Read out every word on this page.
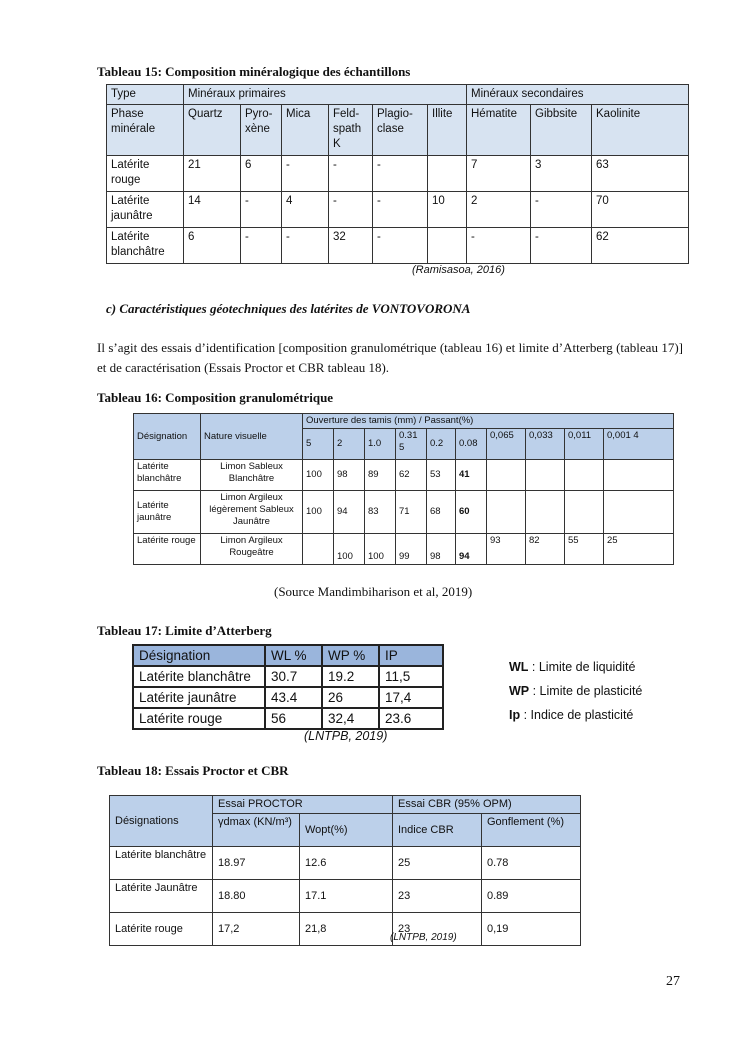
Tableau 15: Composition minéralogique des échantillons
Type	Minéraux primaires						Minéraux secondaires		
Phase minérale	Quartz	Pyro- xène	Mica	Feld- spath K	Plagio- clase	Illite	Hématite	Gibbsite	Kaolinite
Latérite rouge	21	6	-	-	-		7	3	63
Latérite jaunâtre	14	-	4	-	-	10	2	-	70
Latérite blanchâtre	6	-	-	32	-		-	-	62
(Ramisasoa, 2016)
c) Caractéristiques géotechniques des latérites de VONTOVORONA
Il s’agit des essais d’identification [composition granulométrique (tableau 16) et limite d’Atterberg (tableau 17)] et de caractérisation (Essais Proctor et CBR tableau 18).
Tableau 16: Composition granulométrique
Désignation	Nature visuelle	Ouverture des tamis (mm) / Passant(%)									
		5	2	1.0	0.31 5	0.2	0.08	0,065	0,033	0,011	0,001 4
Latérite blanchâtre	Limon Sableux Blanchâtre	100	98	89	62	53	41				
Latérite jaunâtre	Limon Argileux légèrement Sableux Jaunâtre	100	94	83	71	68	60				
Latérite rouge	Limon Argileux Rougeâtre		100	100	99	98	94	93	82	55	25
(Source Mandimbiharison et al, 2019)
Tableau 17: Limite d’Atterberg
Désignation	WL %	WP %	IP
Latérite blanchâtre	30.7	19.2	11,5
Latérite jaunâtre	43.4	26	17,4
Latérite rouge	56	32,4	23.6
(LNTPB, 2019)
WL : Limite de liquidité
WP : Limite de plasticité
Ip : Indice de plasticité
Tableau 18: Essais Proctor et CBR
Désignations	Essai PROCTOR		Essai CBR (95% OPM)	
	γdmax (KN/m³)	Wopt(%)	Indice CBR	Gonflement (%)
Latérite blanchâtre	18.97	12.6	25	0.78
Latérite Jaunâtre	18.80	17.1	23	0.89
Latérite rouge	17,2	21,8	23	0,19
(LNTPB, 2019)
27
